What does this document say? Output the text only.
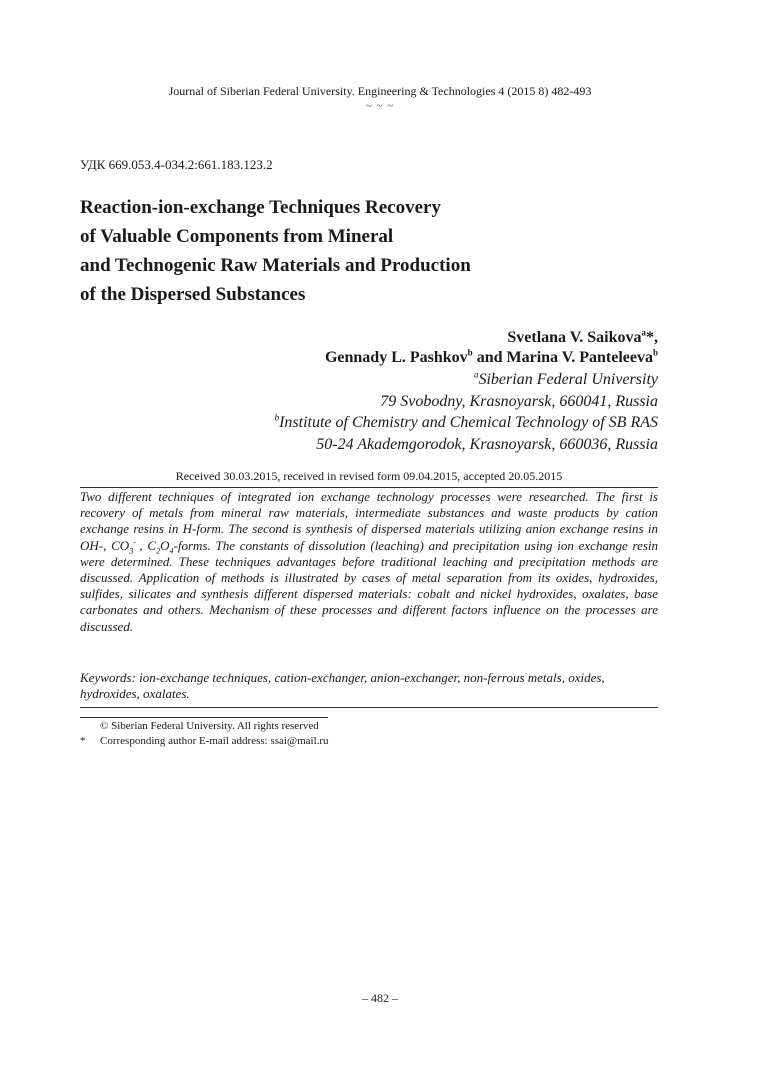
Journal of Siberian Federal University. Engineering & Technologies 4 (2015 8) 482-493
~ ~ ~
УДК 669.053.4-034.2:661.183.123.2
Reaction-ion-exchange Techniques Recovery
of Valuable Components from Mineral
and Technogenic Raw Materials and Production
of the Dispersed Substances
Svetlana V. Saikova$^a$*,
Gennady L. Pashkov$^b$ and Marina V. Panteleeva$^b$
$^a$Siberian Federal University
79 Svobodny, Krasnoyarsk, 660041, Russia
$^b$Institute of Chemistry and Chemical Technology of SB RAS
50-24 Akademgorodok, Krasnoyarsk, 660036, Russia
Received 30.03.2015, received in revised form 09.04.2015, accepted 20.05.2015
Two different techniques of integrated ion exchange technology processes were researched. The first is recovery of metals from mineral raw materials, intermediate substances and waste products by cation exchange resins in H-form. The second is synthesis of dispersed materials utilizing anion exchange resins in OH-, $CO_3^-$ , $C_2O_4$-forms. The constants of dissolution (leaching) and precipitation using ion exchange resin were determined. These techniques advantages before traditional leaching and precipitation methods are discussed. Application of methods is illustrated by cases of metal separation from its oxides, hydroxides, sulfides, silicates and synthesis different dispersed materials: cobalt and nickel hydroxides, oxalates, base carbonates and others. Mechanism of these processes and different factors influence on the processes are discussed.
Keywords: ion-exchange techniques, cation-exchanger, anion-exchanger, non-ferrous metals, oxides, hydroxides, oxalates.
© Siberian Federal University. All rights reserved
* Corresponding author E-mail address: ssai@mail.ru
– 482 –
